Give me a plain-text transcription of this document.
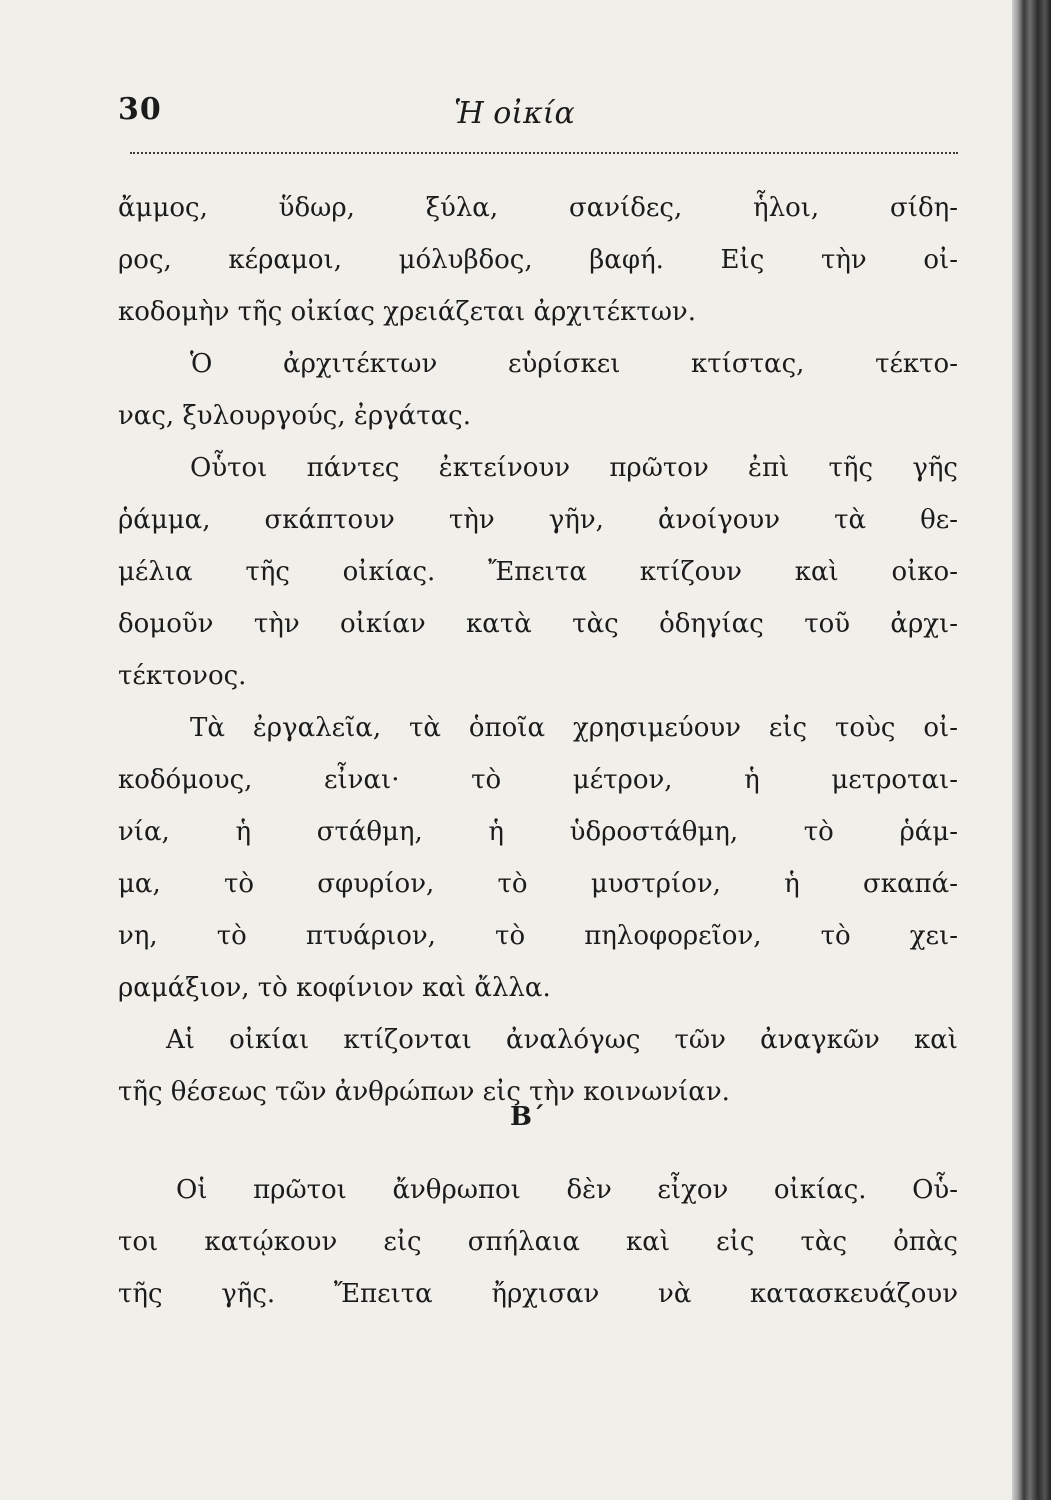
30	Ἡ οἰκία
ἄμμος, ὕδωρ, ξύλα, σανίδες, ἧλοι, σίδη-
ρος, κέραμοι, μόλυβδος, βαφή. Εἰς τὴν οἰ-
κοδομὴν τῆς οἰκίας χρειάζεται ἀρχιτέκτων.
Ὁ ἀρχιτέκτων εὑρίσκει κτίστας, τέκτο-
νας, ξυλουργούς, ἐργάτας.
Οὗτοι πάντες ἐκτείνουν πρῶτον ἐπὶ τῆς γῆς
ῥάμμα, σκάπτουν τὴν γῆν, ἀνοίγουν τὰ θε-
μέλια τῆς οἰκίας. Ἔπειτα κτίζουν καὶ οἰκο-
δομοῦν τὴν οἰκίαν κατὰ τὰς ὁδηγίας τοῦ ἀρχι-
τέκτονος.
Τὰ ἐργαλεῖα, τὰ ὁποῖα χρησιμεύουν εἰς τοὺς οἰ-
κοδόμους, εἶναι· τὸ μέτρον, ἡ μετροται-
νία, ἡ στάθμη, ἡ ὑδροστάθμη, τὸ ῥάμ-
μα, τὸ σφυρίον, τὸ μυστρίον, ἡ σκαπά-
νη, τὸ πτυάριον, τὸ πηλοφορεῖον, τὸ χει-
ραμάξιον, τὸ κοφίνιον καὶ ἄλλα.
Αἱ οἰκίαι κτίζονται ἀναλόγως τῶν ἀναγκῶν καὶ
τῆς θέσεως τῶν ἀνθρώπων εἰς τὴν κοινωνίαν.
Β΄
Οἱ πρῶτοι ἄνθρωποι δὲν εἶχον οἰκίας. Οὗ-
τοι κατῴκουν εἰς σπήλαια καὶ εἰς τὰς ὀπὰς
τῆς γῆς. Ἔπειτα ἤρχισαν νὰ κατασκευάζουν
